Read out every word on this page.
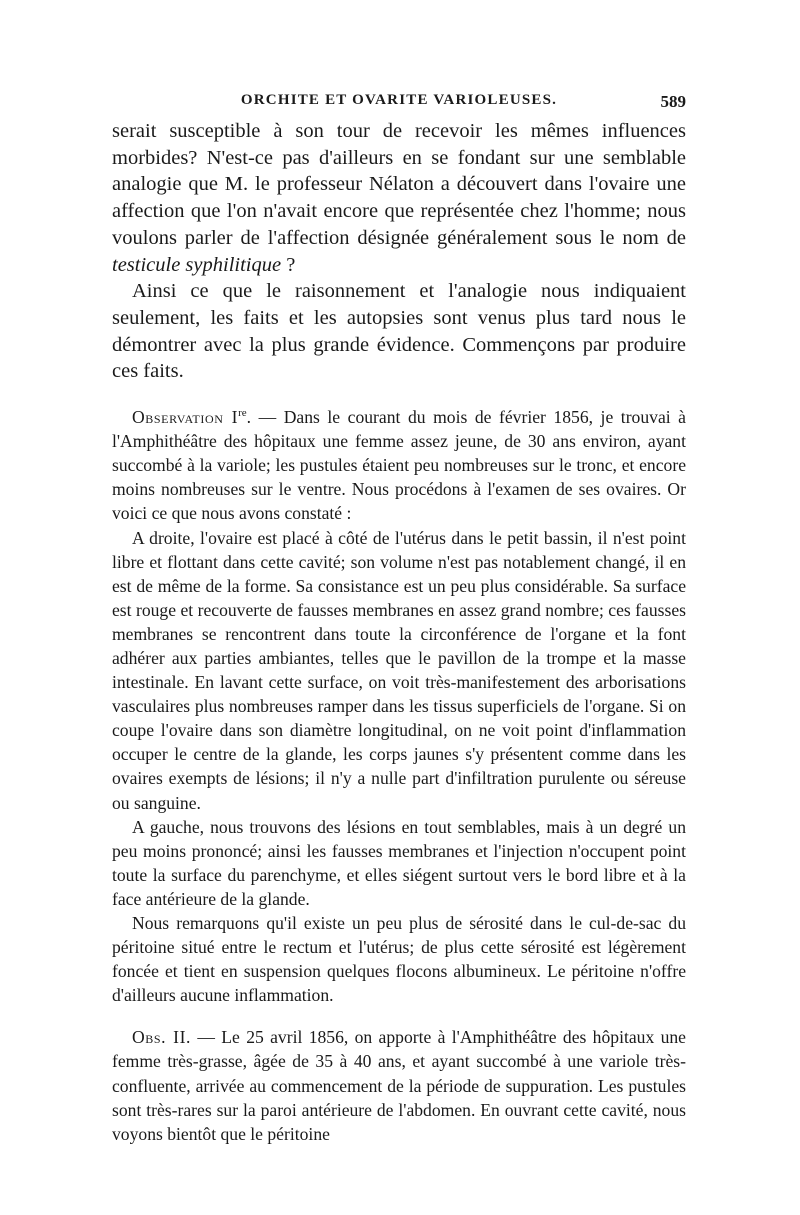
ORCHITE ET OVARITE VARIOLEUSES.	589

serait susceptible à son tour de recevoir les mêmes influences morbides? N'est-ce pas d'ailleurs en se fondant sur une semblable analogie que M. le professeur Nélaton a découvert dans l'ovaire une affection que l'on n'avait encore que représentée chez l'homme; nous voulons parler de l'affection désignée généralement sous le nom de testicule syphilitique ?

Ainsi ce que le raisonnement et l'analogie nous indiquaient seulement, les faits et les autopsies sont venus plus tard nous le démontrer avec la plus grande évidence. Commençons par produire ces faits.

Observation Ire. — Dans le courant du mois de février 1856, je trouvai à l'Amphithéâtre des hôpitaux une femme assez jeune, de 30 ans environ, ayant succombé à la variole; les pustules étaient peu nombreuses sur le tronc, et encore moins nombreuses sur le ventre. Nous procédons à l'examen de ses ovaires. Or voici ce que nous avons constaté :

A droite, l'ovaire est placé à côté de l'utérus dans le petit bassin, il n'est point libre et flottant dans cette cavité; son volume n'est pas notablement changé, il en est de même de la forme. Sa consistance est un peu plus considérable. Sa surface est rouge et recouverte de fausses membranes en assez grand nombre; ces fausses membranes se rencontrent dans toute la circonférence de l'organe et la font adhérer aux parties ambiantes, telles que le pavillon de la trompe et la masse intestinale. En lavant cette surface, on voit très-manifestement des arborisations vasculaires plus nombreuses ramper dans les tissus superficiels de l'organe. Si on coupe l'ovaire dans son diamètre longitudinal, on ne voit point d'inflammation occuper le centre de la glande, les corps jaunes s'y présentent comme dans les ovaires exempts de lésions; il n'y a nulle part d'infiltration purulente ou séreuse ou sanguine.

A gauche, nous trouvons des lésions en tout semblables, mais à un degré un peu moins prononcé; ainsi les fausses membranes et l'injection n'occupent point toute la surface du parenchyme, et elles siégent surtout vers le bord libre et à la face antérieure de la glande.

Nous remarquons qu'il existe un peu plus de sérosité dans le cul-de-sac du péritoine situé entre le rectum et l'utérus; de plus cette sérosité est légèrement foncée et tient en suspension quelques flocons albumineux. Le péritoine n'offre d'ailleurs aucune inflammation.

Obs. II. — Le 25 avril 1856, on apporte à l'Amphithéâtre des hôpitaux une femme très-grasse, âgée de 35 à 40 ans, et ayant succombé à une variole très-confluente, arrivée au commencement de la période de suppuration. Les pustules sont très-rares sur la paroi antérieure de l'abdomen. En ouvrant cette cavité, nous voyons bientôt que le péritoine
